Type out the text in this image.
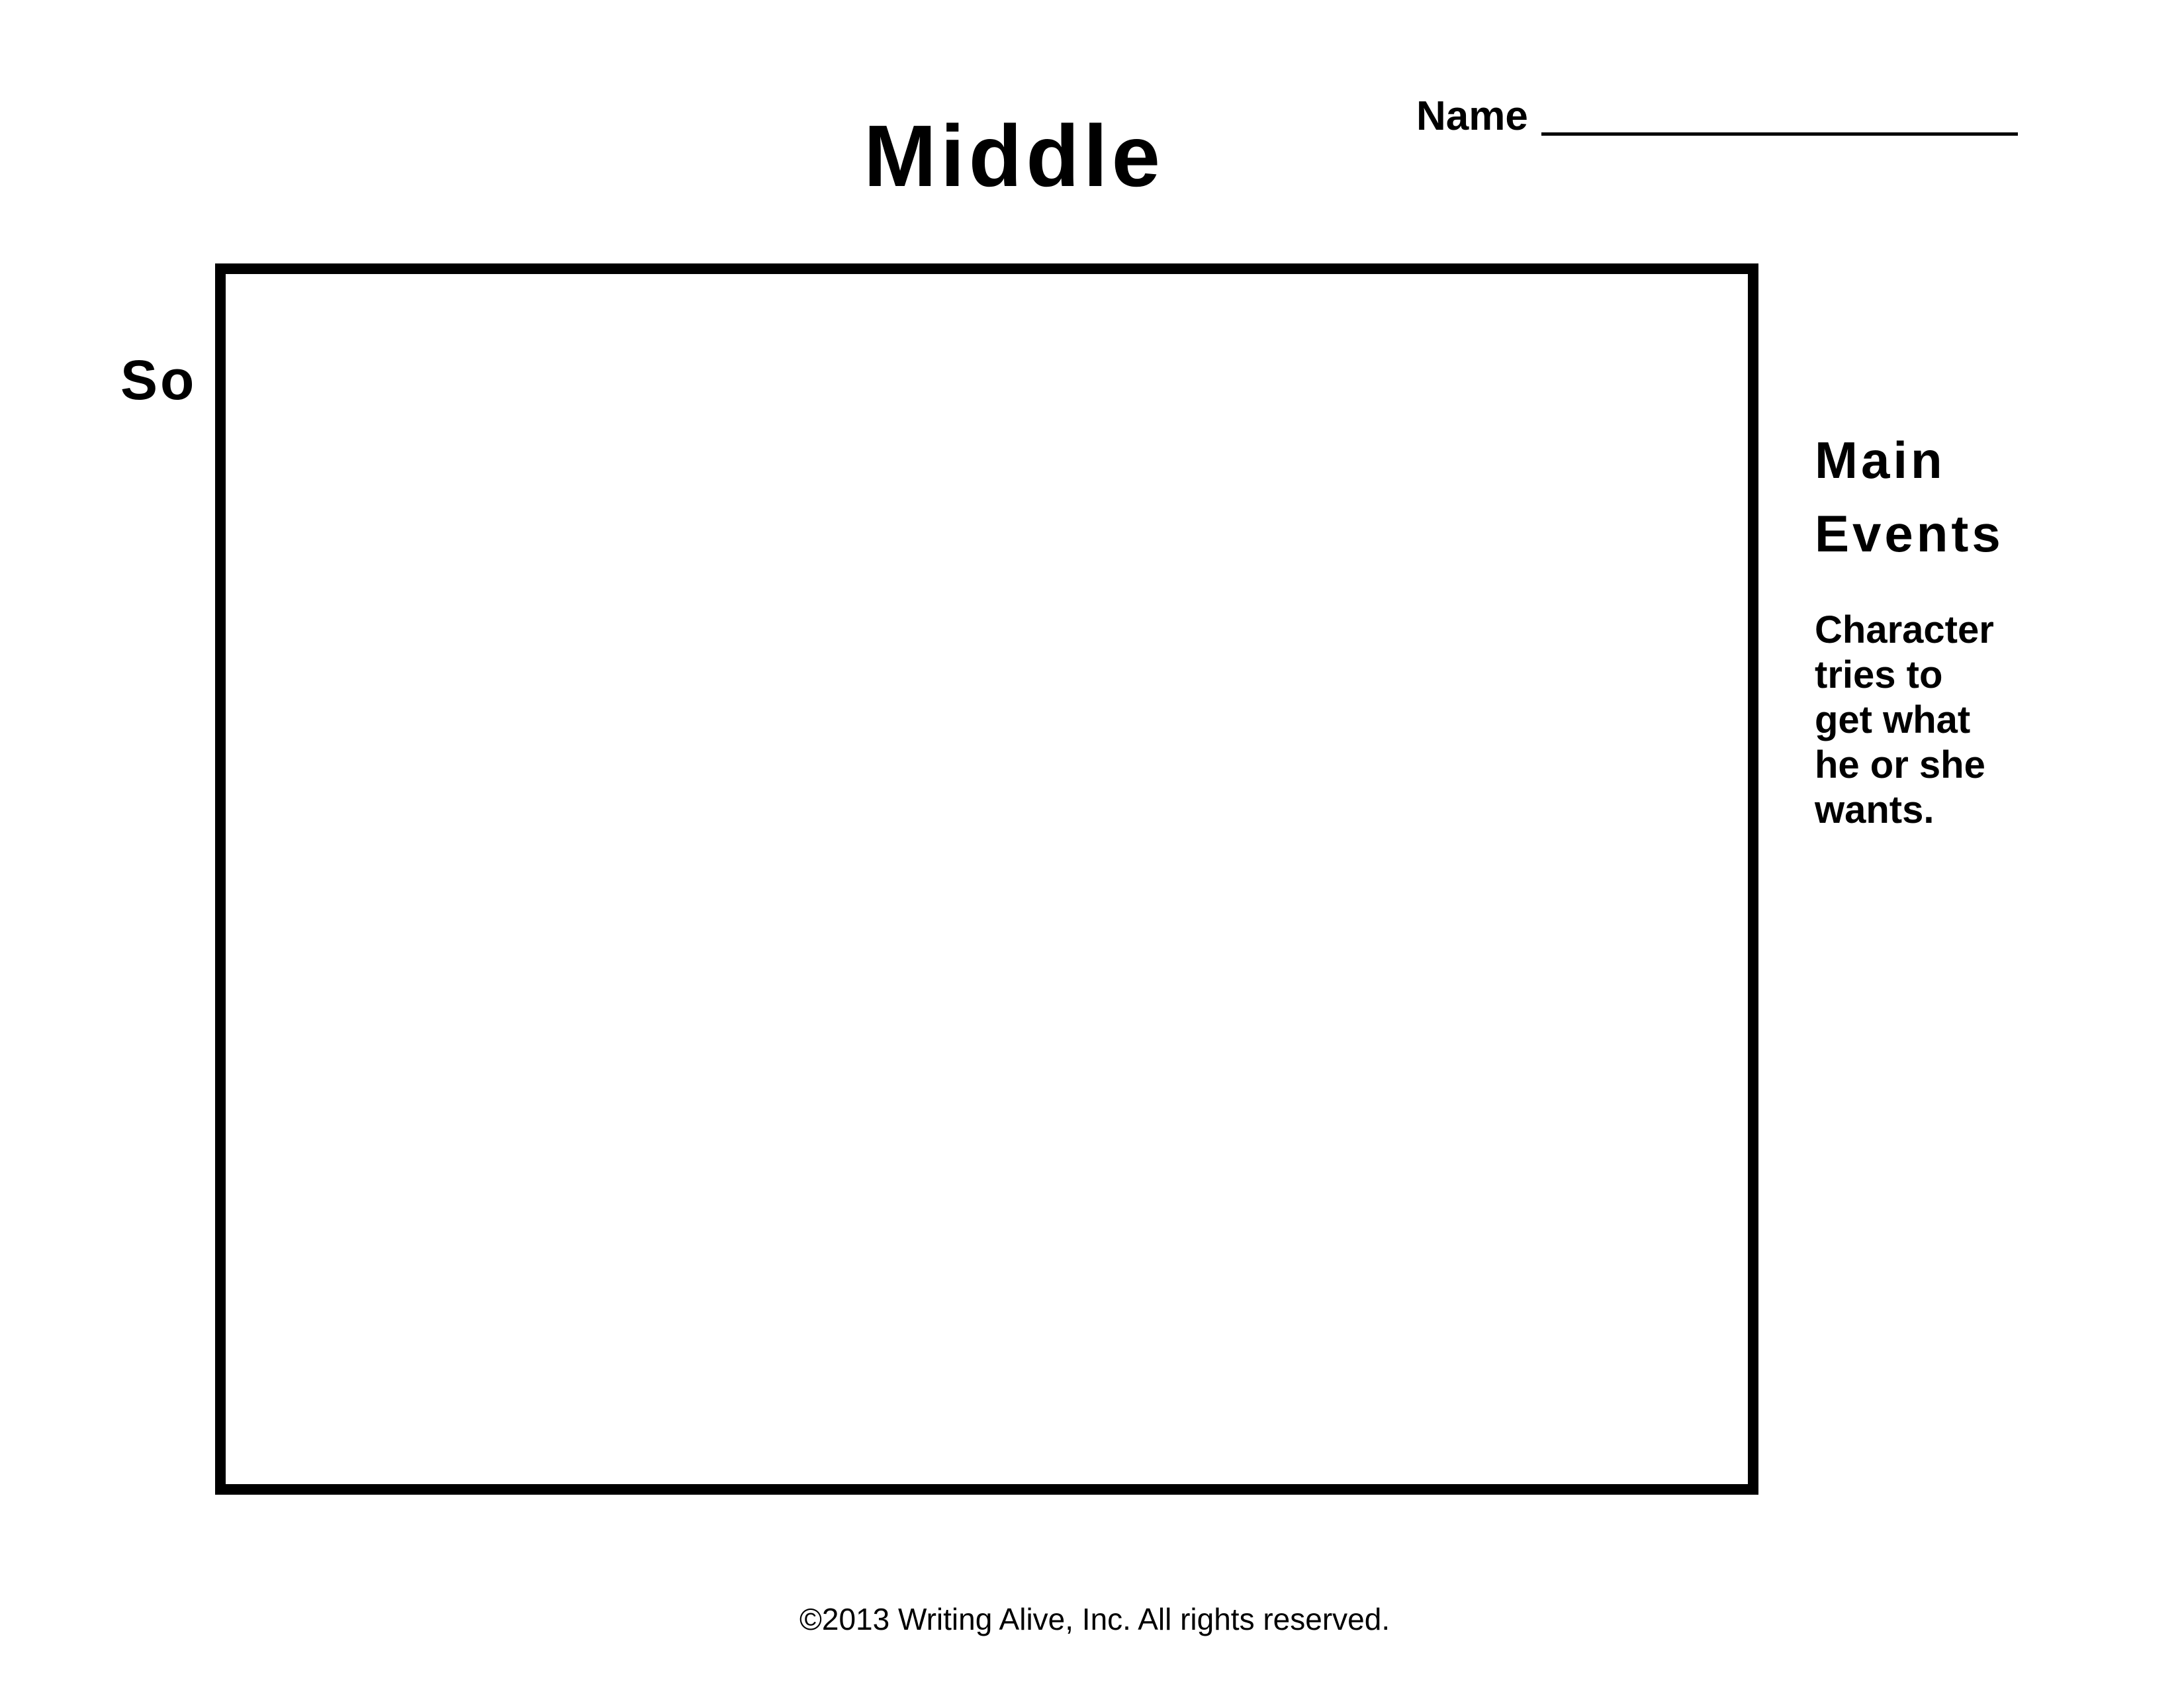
Middle	Name
So
Main
Events
Character
tries to
get what
he or she
wants.
©2013 Writing Alive, Inc. All rights reserved.
